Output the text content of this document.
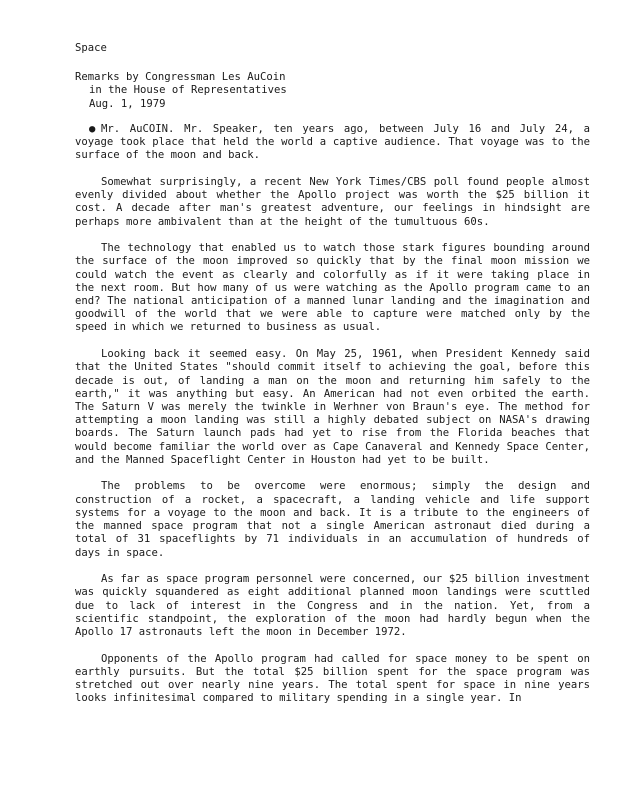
Space
Remarks by Congressman Les AuCoin
in the House of Representatives
Aug. 1, 1979

● Mr. AuCOIN. Mr. Speaker, ten years ago, between July 16 and July 24, a voyage took place that held the world a captive audience. That voyage was to the surface of the moon and back.

Somewhat surprisingly, a recent New York Times/CBS poll found people almost evenly divided about whether the Apollo project was worth the $25 billion it cost. A decade after man's greatest adventure, our feelings in hindsight are perhaps more ambivalent than at the height of the tumultuous 60s.

The technology that enabled us to watch those stark figures bounding around the surface of the moon improved so quickly that by the final moon mission we could watch the event as clearly and colorfully as if it were taking place in the next room. But how many of us were watching as the Apollo program came to an end? The national anticipation of a manned lunar landing and the imagination and goodwill of the world that we were able to capture were matched only by the speed in which we returned to business as usual.

Looking back it seemed easy. On May 25, 1961, when President Kennedy said that the United States "should commit itself to achieving the goal, before this decade is out, of landing a man on the moon and returning him safely to the earth," it was anything but easy. An American had not even orbited the earth. The Saturn V was merely the twinkle in Werhner von Braun's eye. The method for attempting a moon landing was still a highly debated subject on NASA's drawing boards. The Saturn launch pads had yet to rise from the Florida beaches that would become familiar the world over as Cape Canaveral and Kennedy Space Center, and the Manned Spaceflight Center in Houston had yet to be built.

The problems to be overcome were enormous; simply the design and construction of a rocket, a spacecraft, a landing vehicle and life support systems for a voyage to the moon and back. It is a tribute to the engineers of the manned space program that not a single American astronaut died during a total of 31 spaceflights by 71 individuals in an accumulation of hundreds of days in space.

As far as space program personnel were concerned, our $25 billion investment was quickly squandered as eight additional planned moon landings were scuttled due to lack of interest in the Congress and in the nation. Yet, from a scientific standpoint, the exploration of the moon had hardly begun when the Apollo 17 astronauts left the moon in December 1972.

Opponents of the Apollo program had called for space money to be spent on earthly pursuits. But the total $25 billion spent for the space program was stretched out over nearly nine years. The total spent for space in nine years looks infinitesimal compared to military spending in a single year. In
